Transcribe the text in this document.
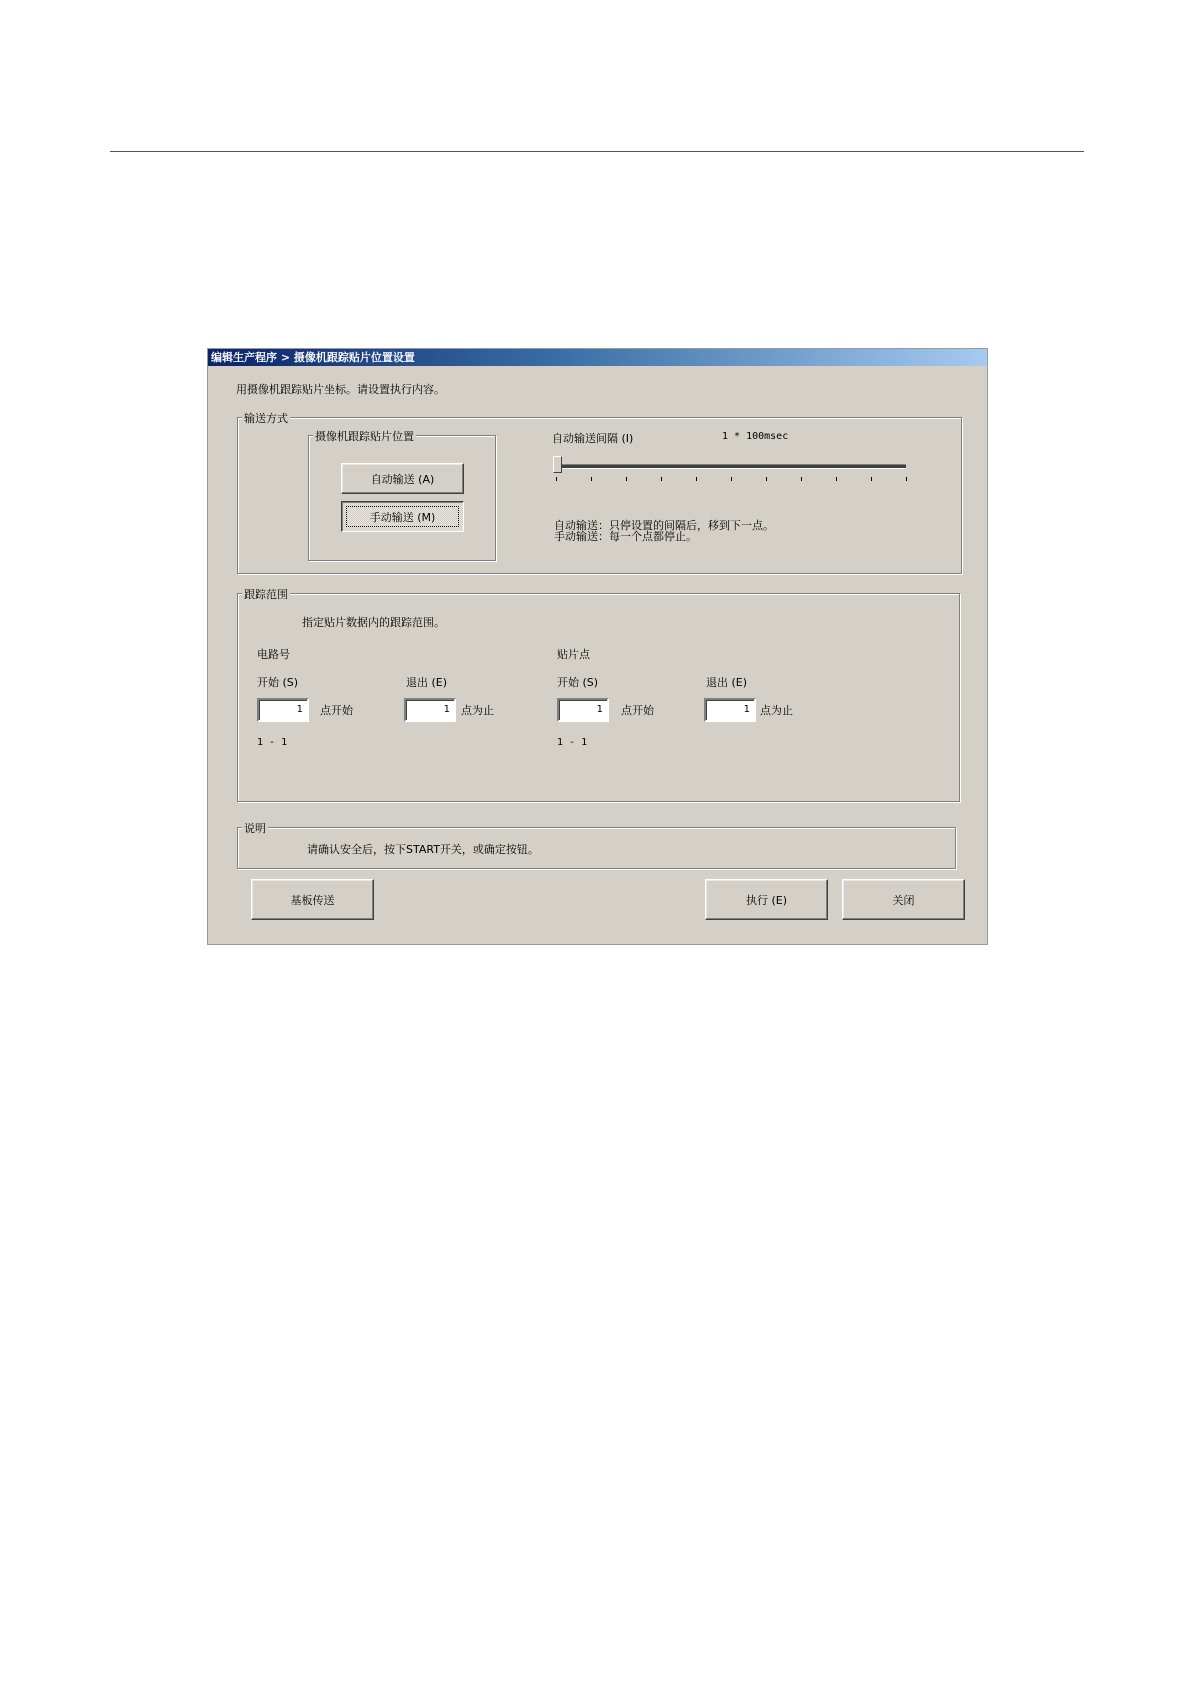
编辑生产程序 > 摄像机跟踪贴片位置设置
用摄像机跟踪贴片坐标。请设置执行内容。
输送方式
摄像机跟踪贴片位置
自动输送 (A)
手动输送 (M)
自动输送间隔 (I)	1 * 100msec
自动输送：只停设置的间隔后，移到下一点。
手动输送：每一个点都停止。
跟踪范围
指定贴片数据内的跟踪范围。
电路号
开始 (S)
1	点开始
退出 (E)
1	点为止
1 - 1
贴片点
开始 (S)
1	点开始
退出 (E)
1 点为止
1 - 1
说明
请确认安全后，按下START开关，或确定按钮。
基板传送	执行 (E)	关闭
